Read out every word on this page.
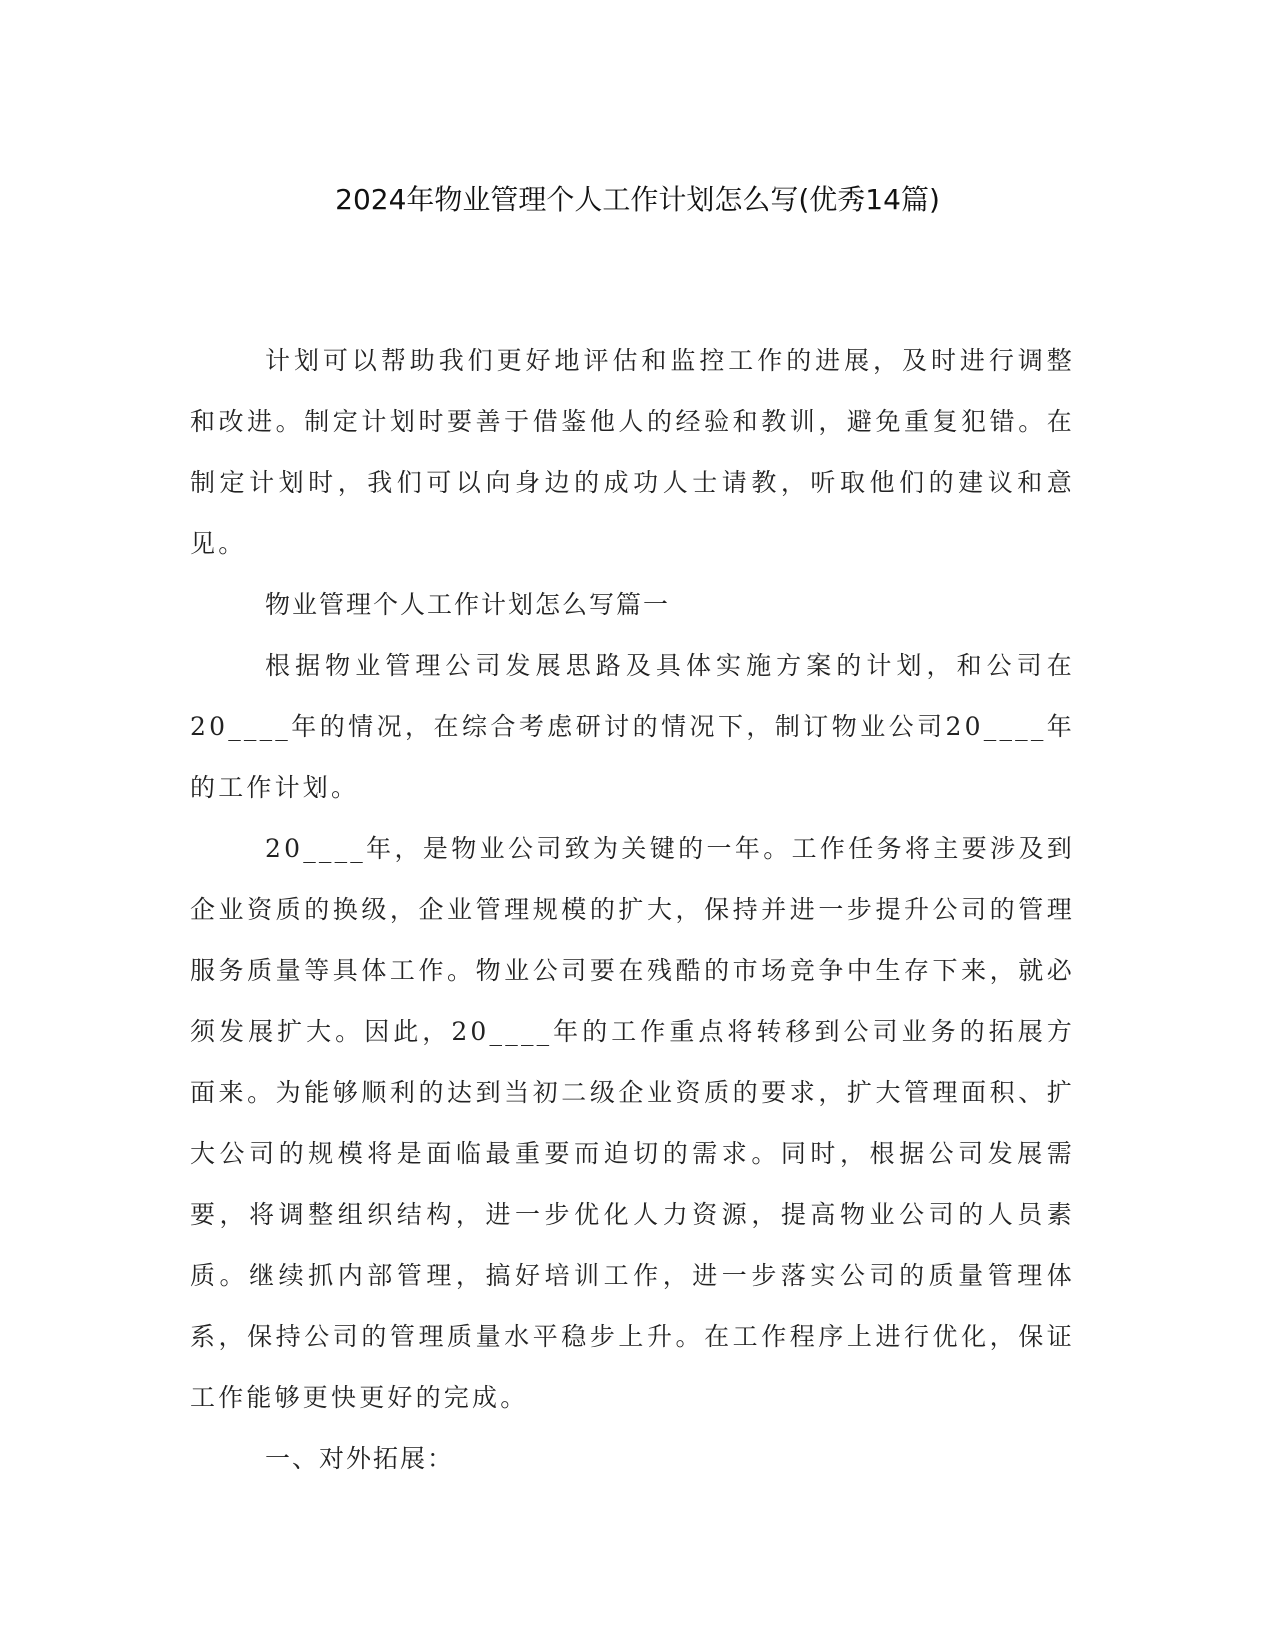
2024年物业管理个人工作计划怎么写(优秀14篇)

计划可以帮助我们更好地评估和监控工作的进展，及时进行调整和改进。制定计划时要善于借鉴他人的经验和教训，避免重复犯错。在制定计划时，我们可以向身边的成功人士请教，听取他们的建议和意见。

物业管理个人工作计划怎么写篇一

根据物业管理公司发展思路及具体实施方案的计划，和公司在20____年的情况，在综合考虑研讨的情况下，制订物业公司20____年的工作计划。

20____年，是物业公司致为关键的一年。工作任务将主要涉及到企业资质的换级，企业管理规模的扩大，保持并进一步提升公司的管理服务质量等具体工作。物业公司要在残酷的市场竞争中生存下来，就必须发展扩大。因此，20____年的工作重点将转移到公司业务的拓展方面来。为能够顺利的达到当初二级企业资质的要求，扩大管理面积、扩大公司的规模将是面临最重要而迫切的需求。同时，根据公司发展需要，将调整组织结构，进一步优化人力资源，提高物业公司的人员素质。继续抓内部管理，搞好培训工作，进一步落实公司的质量管理体系，保持公司的管理质量水平稳步上升。在工作程序上进行优化，保证工作能够更快更好的完成。

一、对外拓展：
